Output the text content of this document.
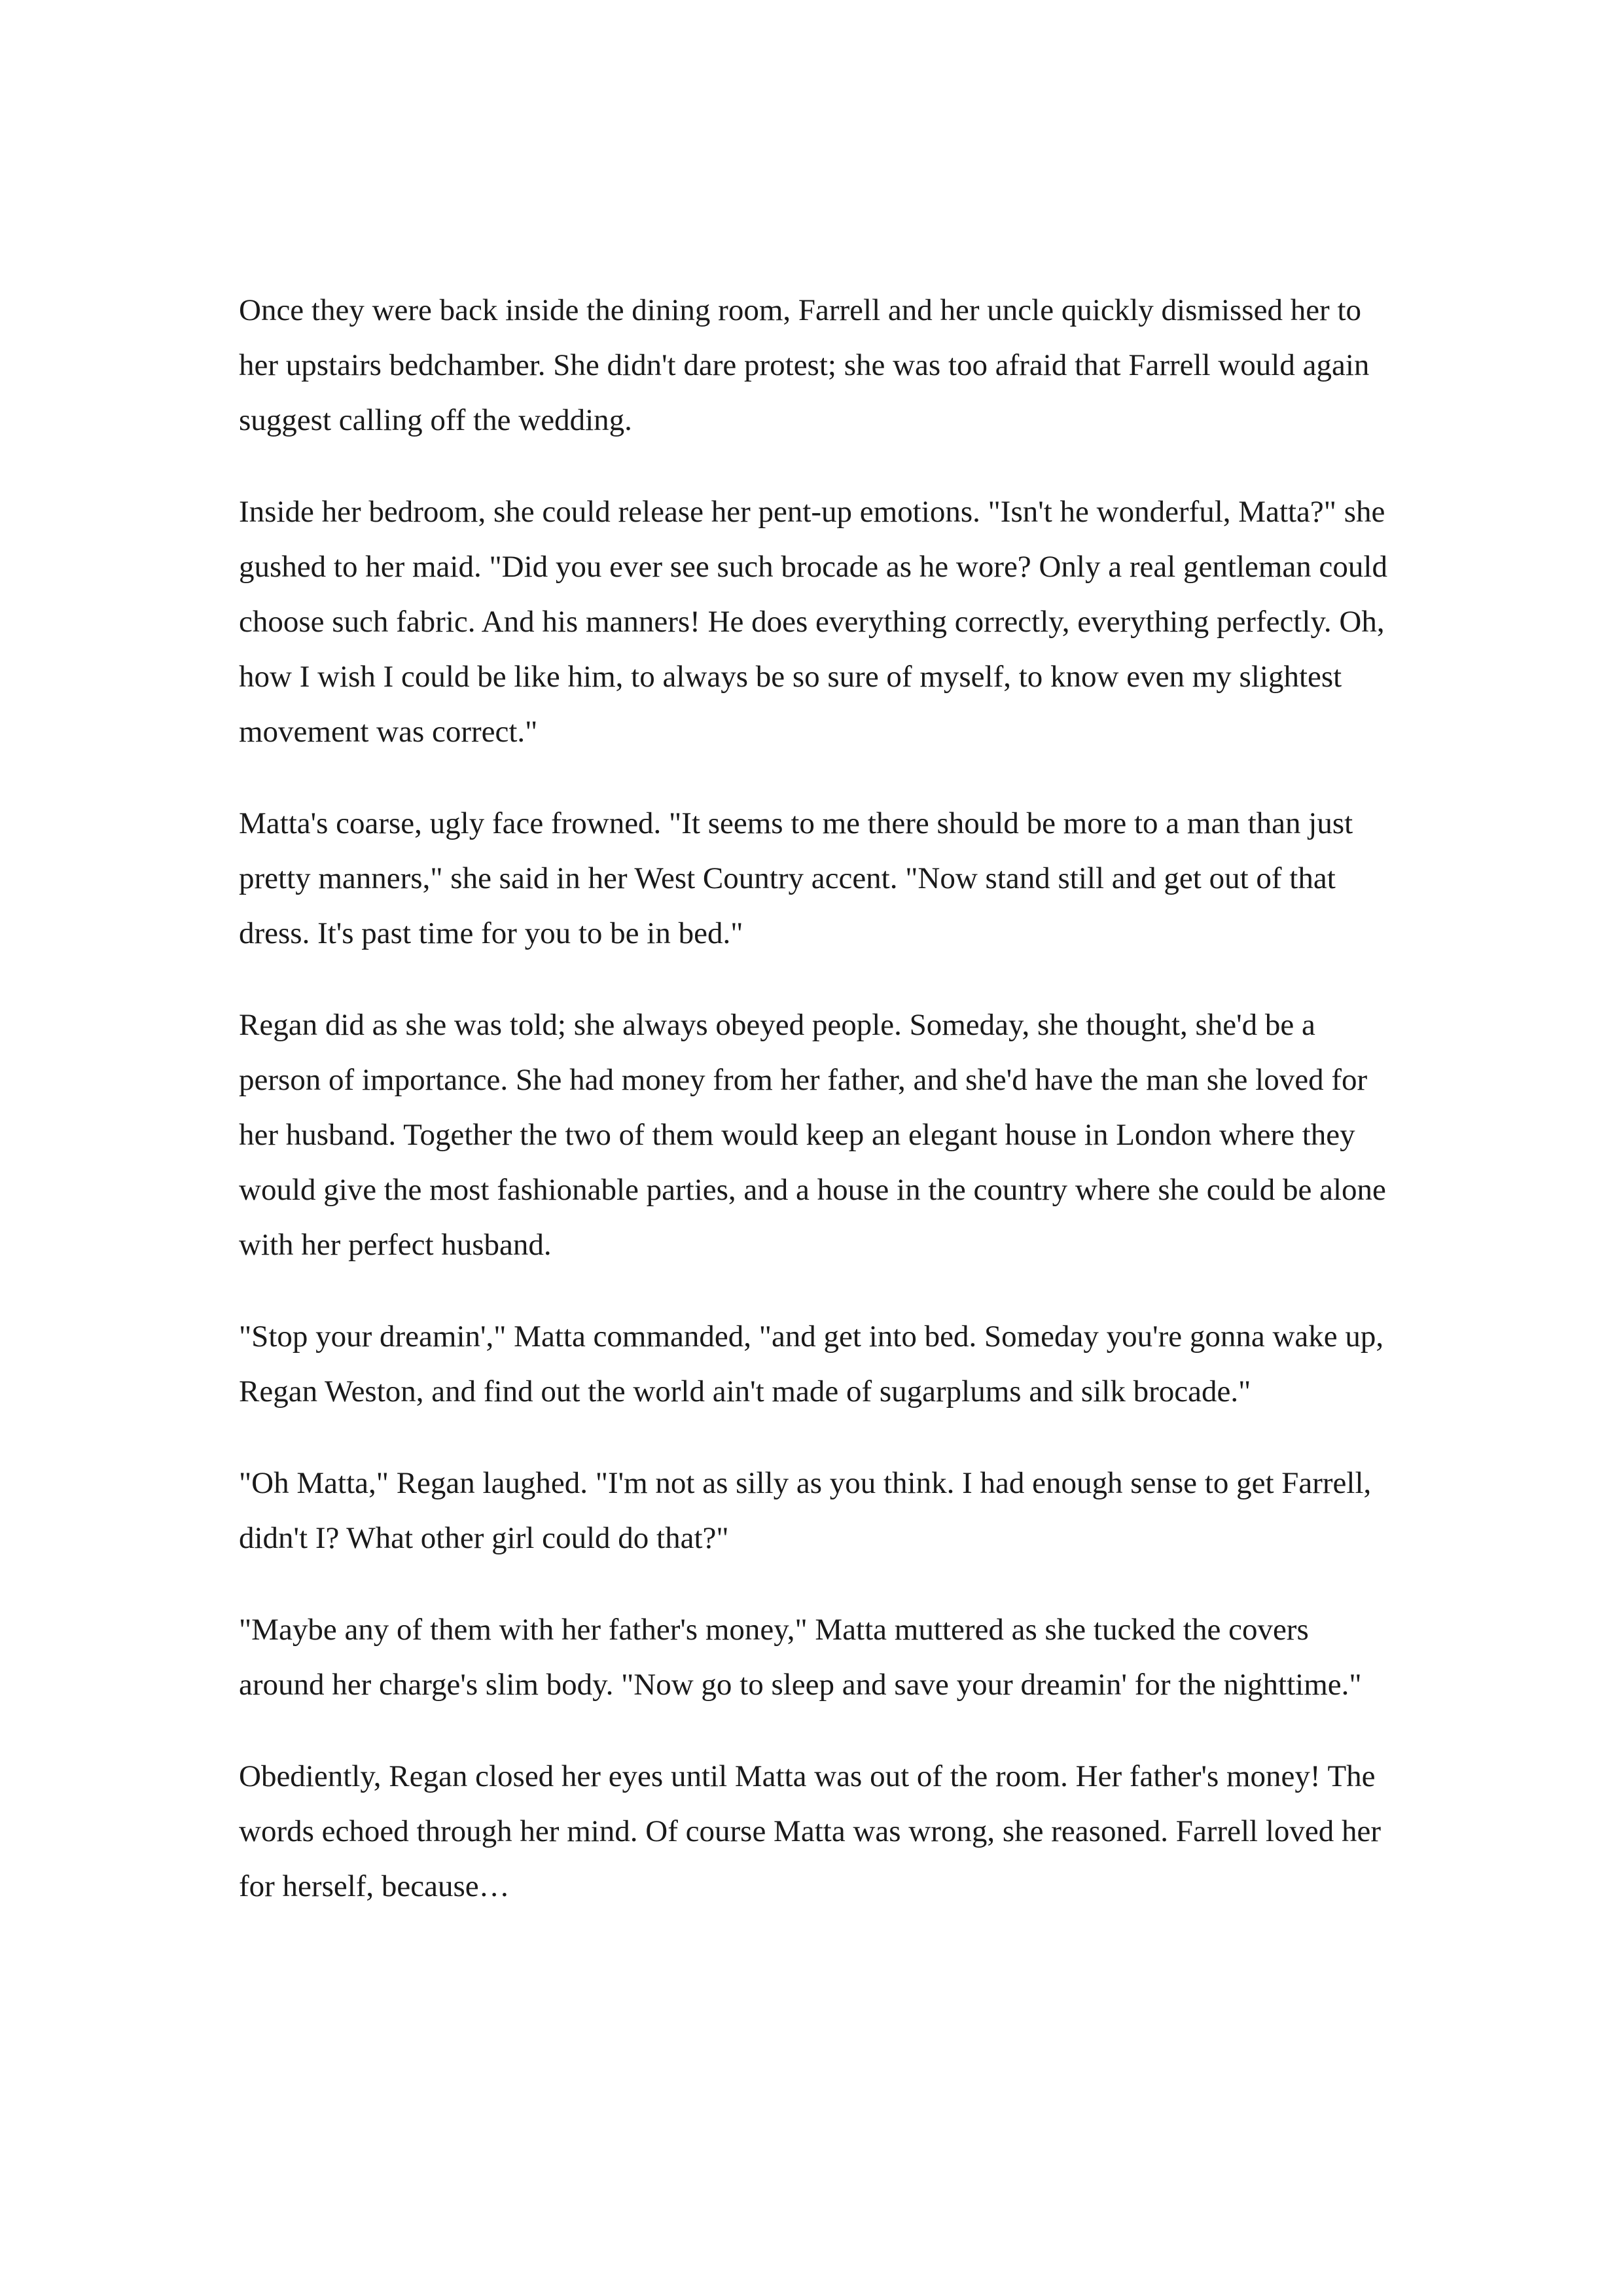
Once they were back inside the dining room, Farrell and her uncle quickly dismissed her to her upstairs bedchamber. She didn't dare protest; she was too afraid that Farrell would again suggest calling off the wedding.

Inside her bedroom, she could release her pent-up emotions. "Isn't he wonderful, Matta?" she gushed to her maid. "Did you ever see such brocade as he wore? Only a real gentleman could choose such fabric. And his manners! He does everything correctly, everything perfectly. Oh, how I wish I could be like him, to always be so sure of myself, to know even my slightest movement was correct."

Matta's coarse, ugly face frowned. "It seems to me there should be more to a man than just pretty manners," she said in her West Country accent. "Now stand still and get out of that dress. It's past time for you to be in bed."

Regan did as she was told; she always obeyed people. Someday, she thought, she'd be a person of importance. She had money from her father, and she'd have the man she loved for her husband. Together the two of them would keep an elegant house in London where they would give the most fashionable parties, and a house in the country where she could be alone with her perfect husband.

"Stop your dreamin'," Matta commanded, "and get into bed. Someday you're gonna wake up, Regan Weston, and find out the world ain't made of sugarplums and silk brocade."

"Oh Matta," Regan laughed. "I'm not as silly as you think. I had enough sense to get Farrell, didn't I? What other girl could do that?"

"Maybe any of them with her father's money," Matta muttered as she tucked the covers around her charge's slim body. "Now go to sleep and save your dreamin' for the nighttime."

Obediently, Regan closed her eyes until Matta was out of the room. Her father's money! The words echoed through her mind. Of course Matta was wrong, she reasoned. Farrell loved her for herself, because…
